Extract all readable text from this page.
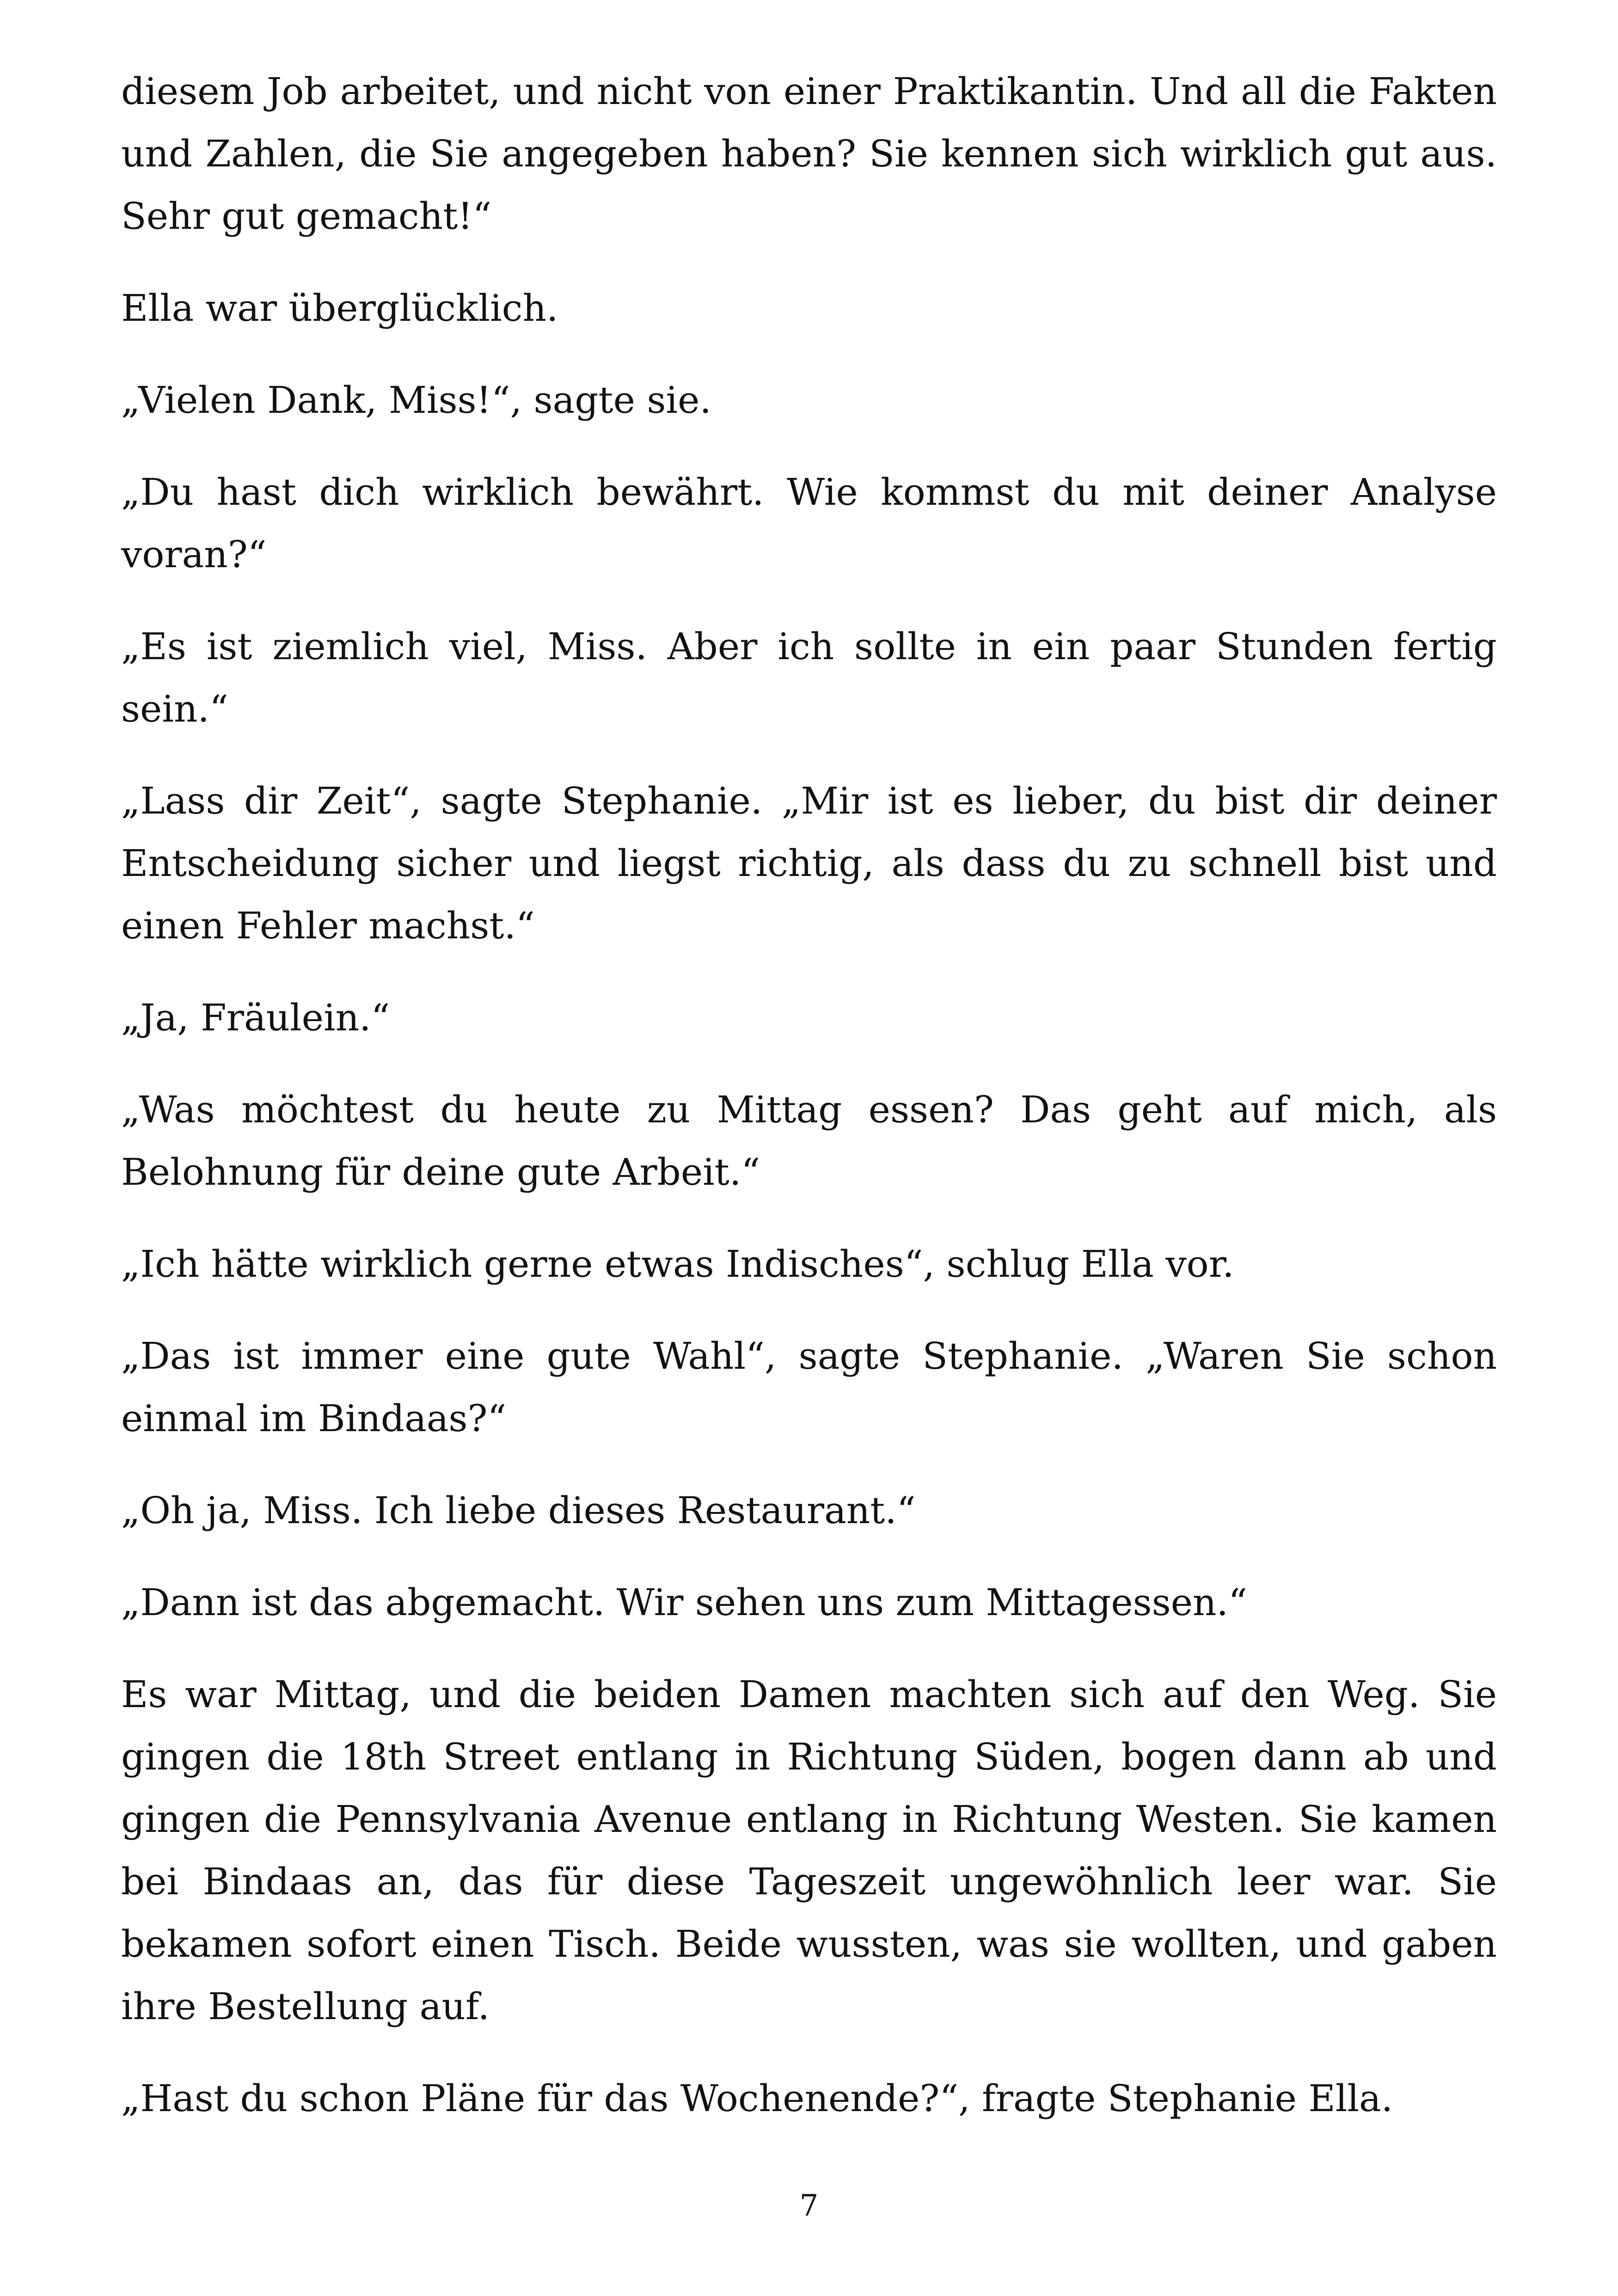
diesem Job arbeitet, und nicht von einer Praktikantin. Und all die Fakten und Zahlen, die Sie angegeben haben? Sie kennen sich wirklich gut aus. Sehr gut gemacht!“

Ella war überglücklich.

„Vielen Dank, Miss!“, sagte sie.

„Du hast dich wirklich bewährt. Wie kommst du mit deiner Analyse voran?“

„Es ist ziemlich viel, Miss. Aber ich sollte in ein paar Stunden fertig sein.“

„Lass dir Zeit“, sagte Stephanie. „Mir ist es lieber, du bist dir deiner Entscheidung sicher und liegst richtig, als dass du zu schnell bist und einen Fehler machst.“

„Ja, Fräulein.“

„Was möchtest du heute zu Mittag essen? Das geht auf mich, als Belohnung für deine gute Arbeit.“

„Ich hätte wirklich gerne etwas Indisches“, schlug Ella vor.

„Das ist immer eine gute Wahl“, sagte Stephanie. „Waren Sie schon einmal im Bindaas?“

„Oh ja, Miss. Ich liebe dieses Restaurant.“

„Dann ist das abgemacht. Wir sehen uns zum Mittagessen.“

Es war Mittag, und die beiden Damen machten sich auf den Weg. Sie gingen die 18th Street entlang in Richtung Süden, bogen dann ab und gingen die Pennsylvania Avenue entlang in Richtung Westen. Sie kamen bei Bindaas an, das für diese Tageszeit ungewöhnlich leer war. Sie bekamen sofort einen Tisch. Beide wussten, was sie wollten, und gaben ihre Bestellung auf.

„Hast du schon Pläne für das Wochenende?“, fragte Stephanie Ella.

7
